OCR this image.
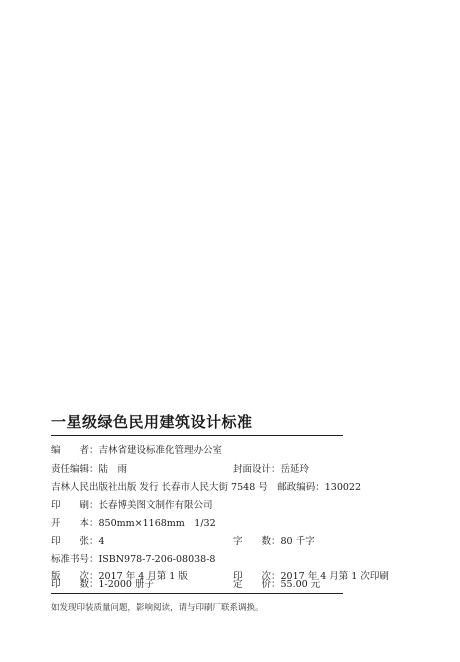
一星级绿色民用建筑设计标准
编　　者：吉林省建设标准化管理办公室
责任编辑：陆　雨	封面设计：岳延玲
吉林人民出版社出版 发行 长春市人民大街 7548 号　邮政编码：130022
印　　刷：长春博美图文制作有限公司
开　　本：850mm×1168mm　1/32
印　　张：4	字　　数：80 千字
标准书号：ISBN978-7-206-08038-8
版　　次：2017 年 4 月第 1 版	印　　次：2017 年 4 月第 1 次印刷
印　　数：1-2000 册子	定　　价：55.00 元
如发现印装质量问题，影响阅读，请与印刷厂联系调换。
